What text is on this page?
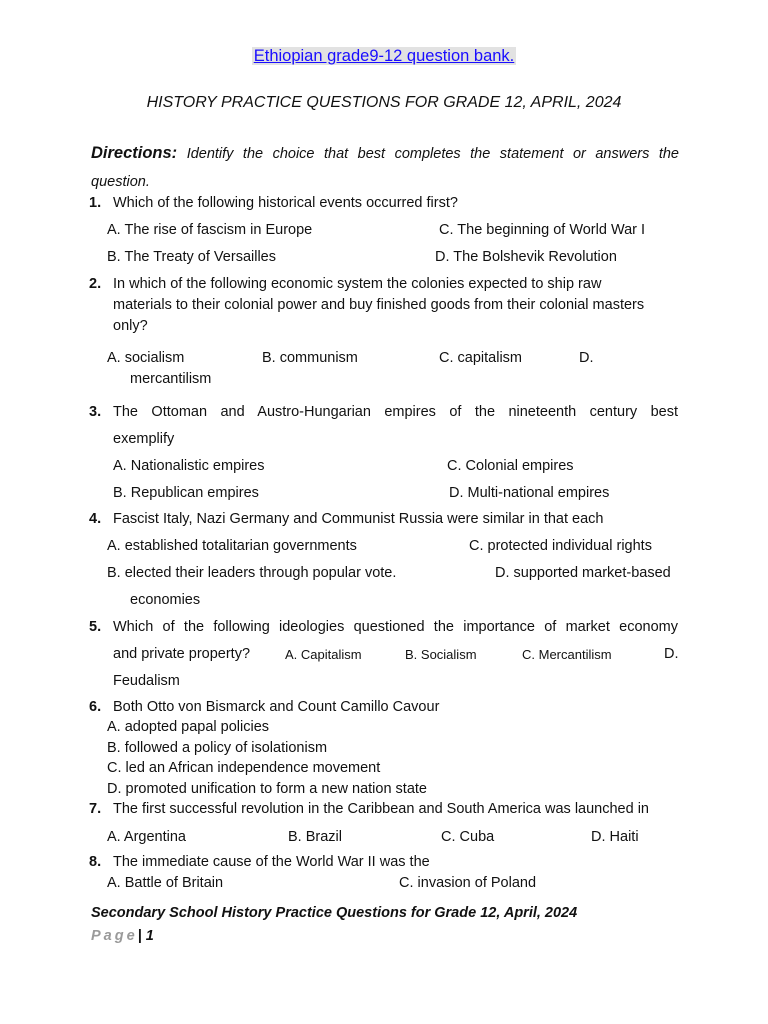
Ethiopian grade9-12 question bank.
HISTORY PRACTICE QUESTIONS FOR GRADE 12, APRIL, 2024
Directions: Identify the choice that best completes the statement or answers the question.
1. Which of the following historical events occurred first?
A. The rise of fascism in Europe	C. The beginning of World War I
B. The Treaty of Versailles	D. The Bolshevik Revolution
2. In which of the following economic system the colonies expected to ship raw
materials to their colonial power and buy finished goods from their colonial masters
only?
A. socialism	B. communism	C. capitalism	D.
mercantilism
3. The Ottoman and Austro-Hungarian empires of the nineteenth century best
exemplify
A. Nationalistic empires	C. Colonial empires
B. Republican empires	D. Multi-national empires
4. Fascist Italy, Nazi Germany and Communist Russia were similar in that each
A. established totalitarian governments	C. protected individual rights
B. elected their leaders through popular vote.	D. supported market-based
economies
5. Which of the following ideologies questioned the importance of market economy
and private property?	A. Capitalism	B. Socialism	C. Mercantilism	D.
Feudalism
6. Both Otto von Bismarck and Count Camillo Cavour
A. adopted papal policies
B. followed a policy of isolationism
C. led an African independence movement
D. promoted unification to form a new nation state
7. The first successful revolution in the Caribbean and South America was launched in
A. Argentina	B. Brazil	C. Cuba	D. Haiti
8. The immediate cause of the World War II was the
A. Battle of Britain	C. invasion of Poland
Secondary School History Practice Questions for Grade 12, April, 2024
Page| 1
